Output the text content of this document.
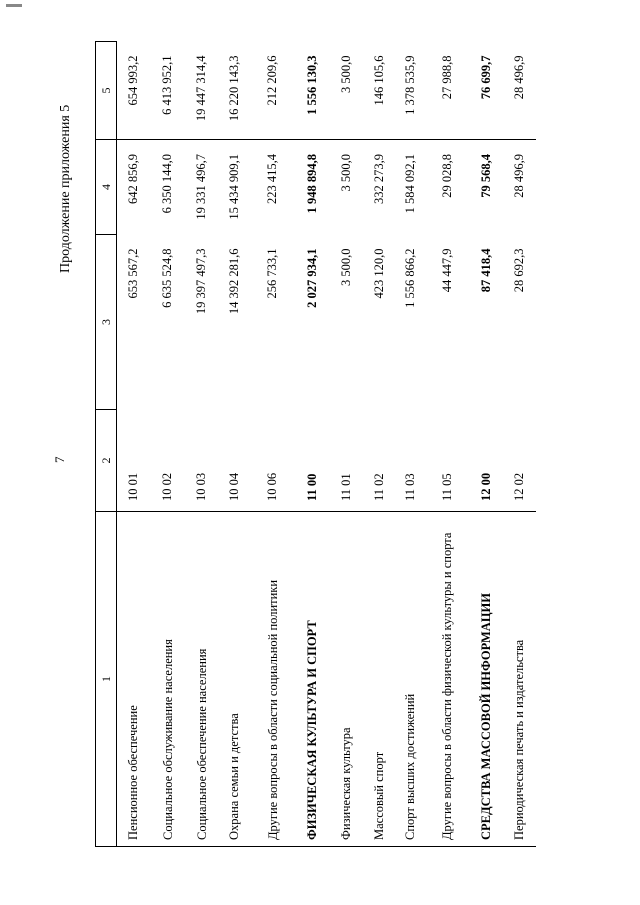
7
Продолжение приложения 5
1	2	3	4	5
Пенсионное обеспечение	10 01	653 567,2	642 856,9	654 993,2
Социальное обслуживание населения	10 02	6 635 524,8	6 350 144,0	6 413 952,1
Социальное обеспечение населения	10 03	19 397 497,3	19 331 496,7	19 447 314,4
Охрана семьи и детства	10 04	14 392 281,6	15 434 909,1	16 220 143,3
Другие вопросы в области социальной политики	10 06	256 733,1	223 415,4	212 209,6
ФИЗИЧЕСКАЯ КУЛЬТУРА И СПОРТ	11 00	2 027 934,1	1 948 894,8	1 556 130,3
Физическая культура	11 01	3 500,0	3 500,0	3 500,0
Массовый спорт	11 02	423 120,0	332 273,9	146 105,6
Спорт высших достижений	11 03	1 556 866,2	1 584 092,1	1 378 535,9
Другие вопросы в области физической культуры и спорта	11 05	44 447,9	29 028,8	27 988,8
СРЕДСТВА МАССОВОЙ ИНФОРМАЦИИ	12 00	87 418,4	79 568,4	76 699,7
Периодическая печать и издательства	12 02	28 692,3	28 496,9	28 496,9
